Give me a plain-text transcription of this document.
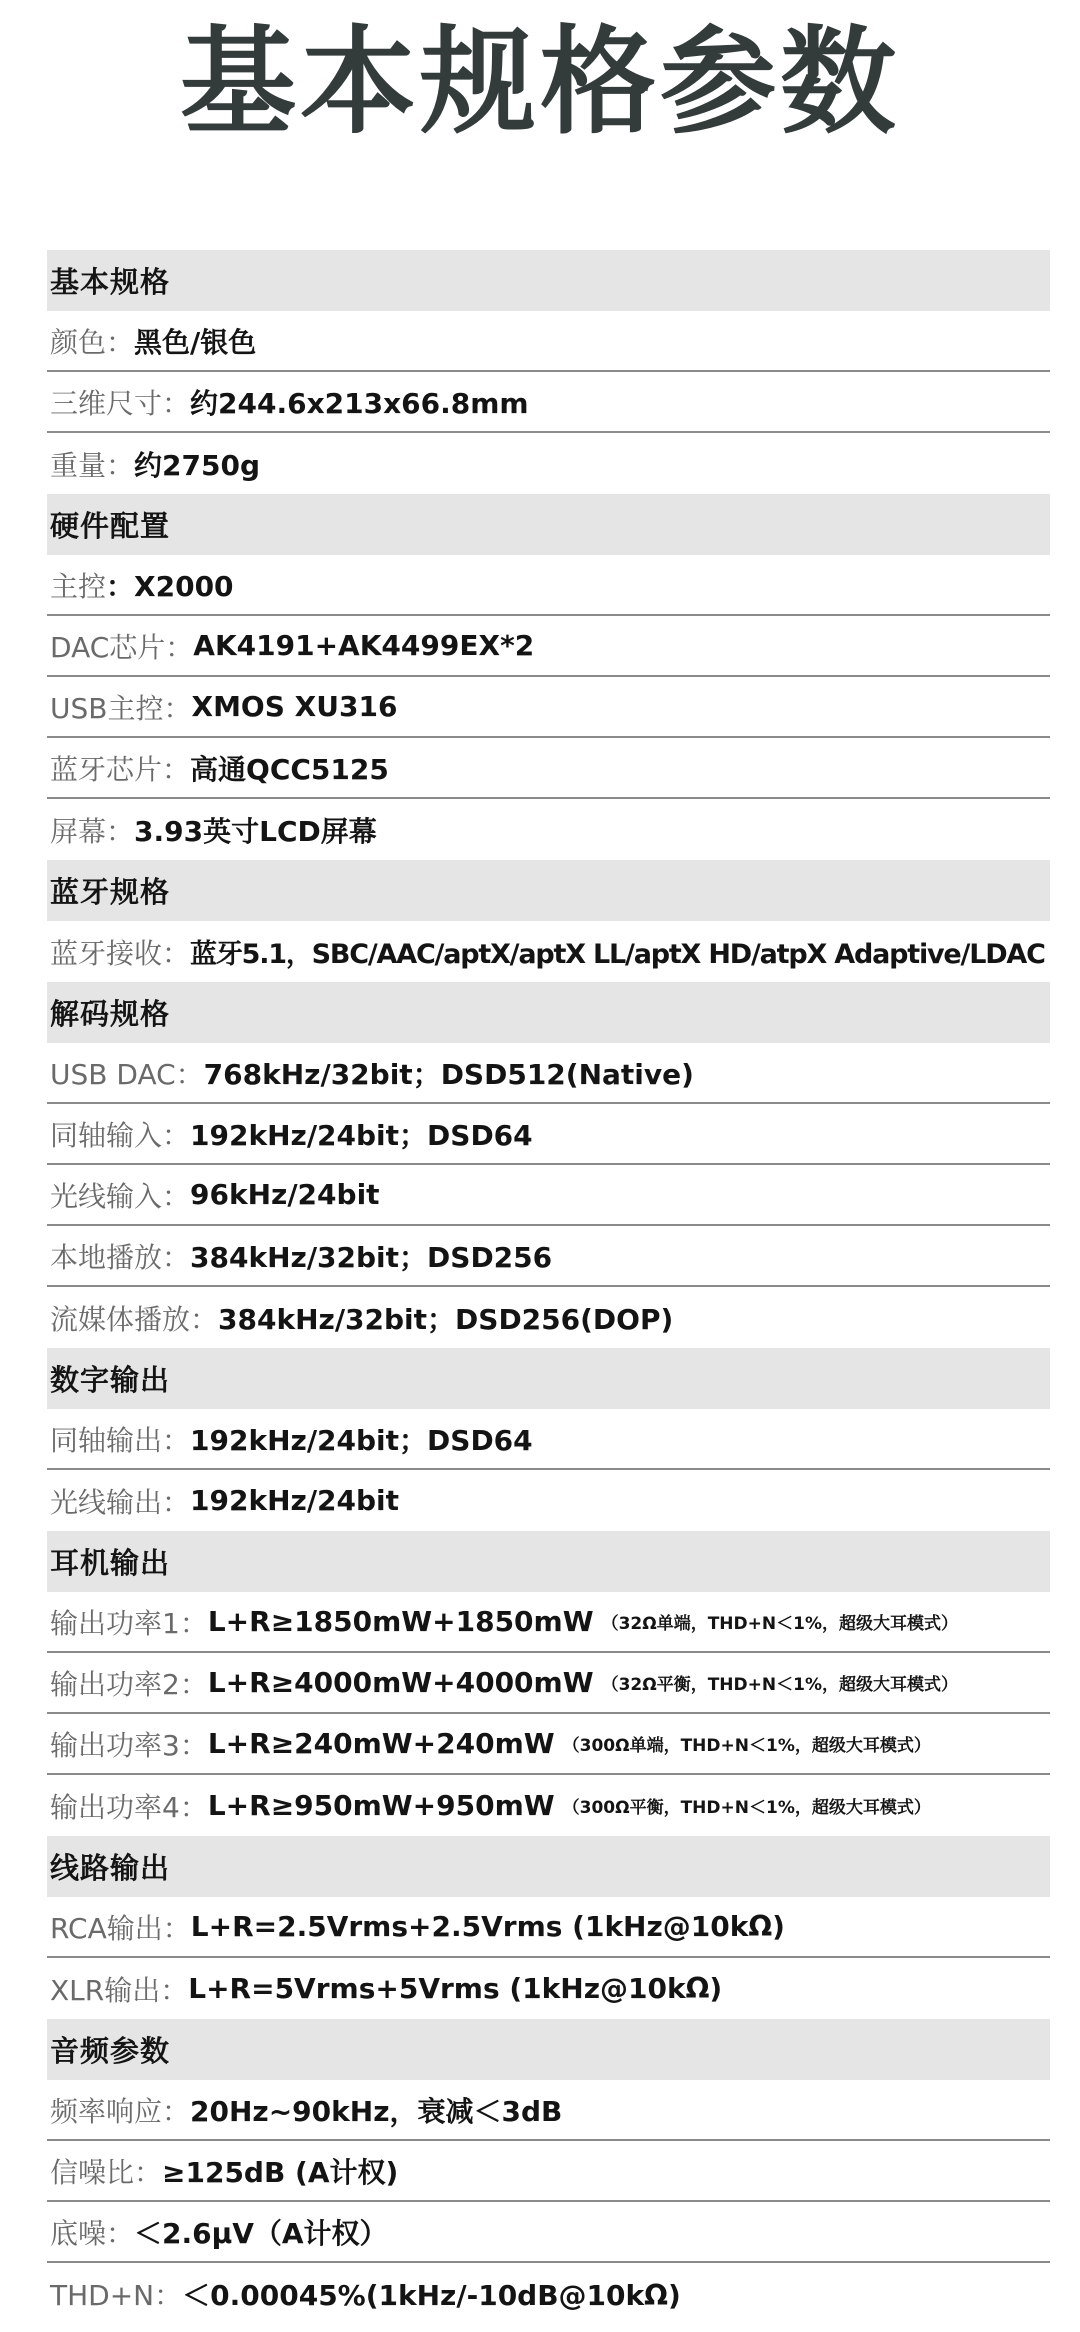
基本规格参数
基本规格
颜色： 黑色/银色
三维尺寸： 约244.6x213x66.8mm
重量： 约2750g
硬件配置
主控 ：X2000
DAC芯片： AK4191+AK4499EX*2
USB主控： XMOS XU316
蓝牙芯片： 高通QCC5125
屏幕： 3.93英寸LCD屏幕
蓝牙规格
蓝牙接收： 蓝牙5.1，SBC/AAC/aptX/aptX LL/aptX HD/atpX Adaptive/LDAC
解码规格
USB DAC： 768kHz/32bit；DSD512(Native)
同轴输入： 192kHz/24bit；DSD64
光线输入： 96kHz/24bit
本地播放： 384kHz/32bit；DSD256
流媒体播放： 384kHz/32bit；DSD256(DOP)
数字输出
同轴输出： 192kHz/24bit；DSD64
光线输出： 192kHz/24bit
耳机输出
输出功率1： L+R≥1850mW+1850mW （32Ω单端，THD+N＜1%，超级大耳模式）
输出功率2： L+R≥4000mW+4000mW （32Ω平衡，THD+N＜1%，超级大耳模式）
输出功率3： L+R≥240mW+240mW （300Ω单端，THD+N＜1%，超级大耳模式）
输出功率4： L+R≥950mW+950mW （300Ω平衡，THD+N＜1%，超级大耳模式）
线路输出
RCA输出： L+R=2.5Vrms+2.5Vrms (1kHz@10kΩ)
XLR输出： L+R=5Vrms+5Vrms (1kHz@10kΩ)
音频参数
频率响应： 20Hz~90kHz，衰减＜3dB
信噪比： ≥125dB (A计权)
底噪： ＜2.6μV（A计权）
THD+N： ＜0.00045%(1kHz/-10dB@10kΩ)
